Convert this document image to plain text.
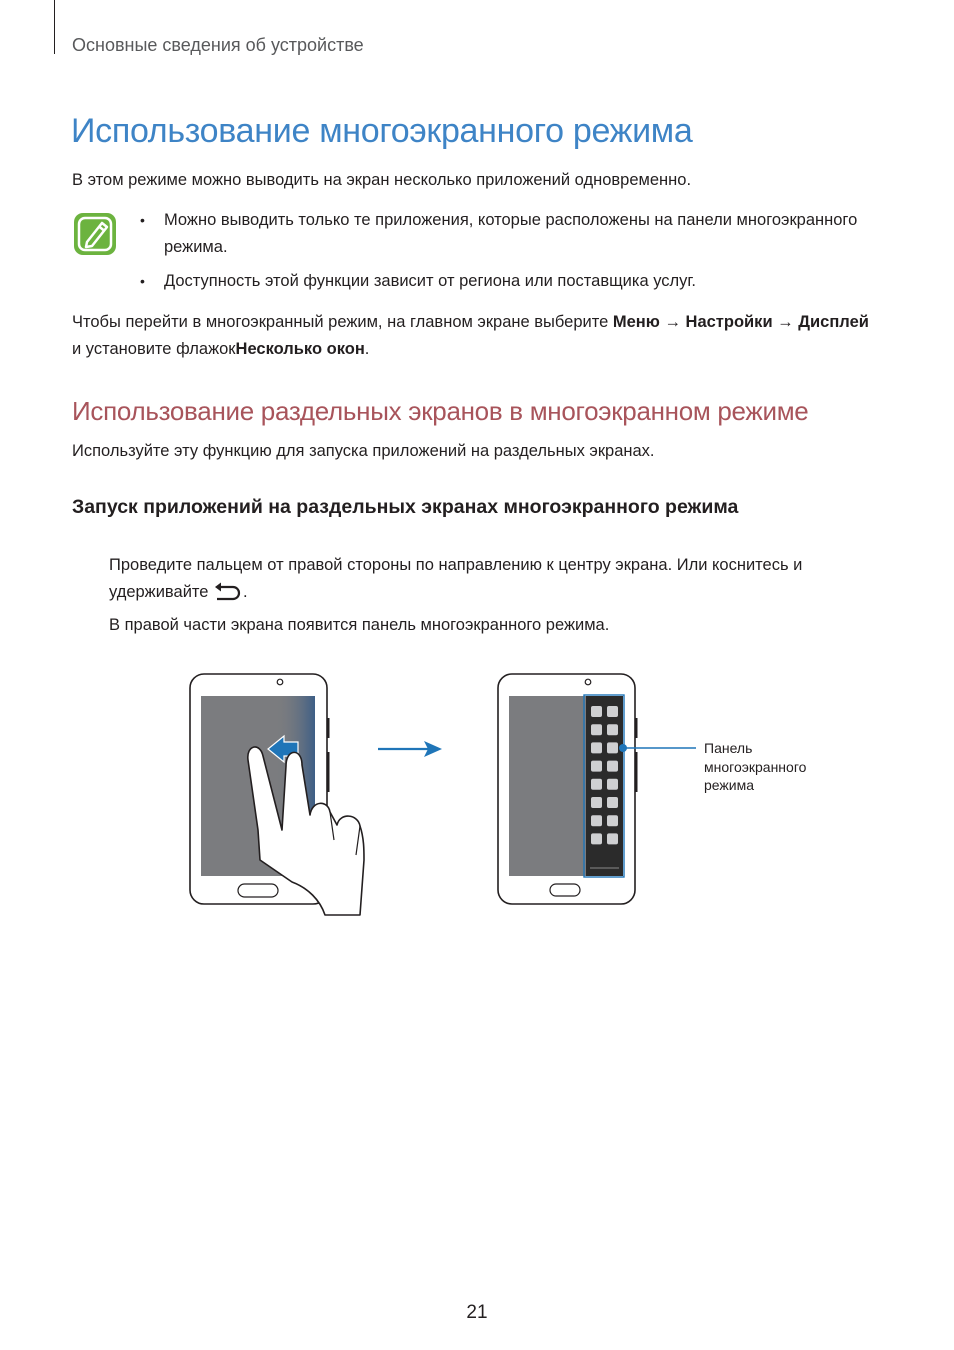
Основные сведения об устройстве
Использование многоэкранного режима

В этом режиме можно выводить на экран несколько приложений одновременно.

• Можно выводить только те приложения, которые расположены на панели многоэкранного режима.
• Доступность этой функции зависит от региона или поставщика услуг.

Чтобы перейти в многоэкранный режим, на главном экране выберите Меню → Настройки → Дисплей и установите флажокНесколько окон.

Использование раздельных экранов в многоэкранном режиме

Используйте эту функцию для запуска приложений на раздельных экранах.

Запуск приложений на раздельных экранах многоэкранного режима

Проведите пальцем от правой стороны по направлению к центру экрана. Или коснитесь и удерживайте .

В правой части экрана появится панель многоэкранного режима.

Панель
многоэкранного
режима

21
